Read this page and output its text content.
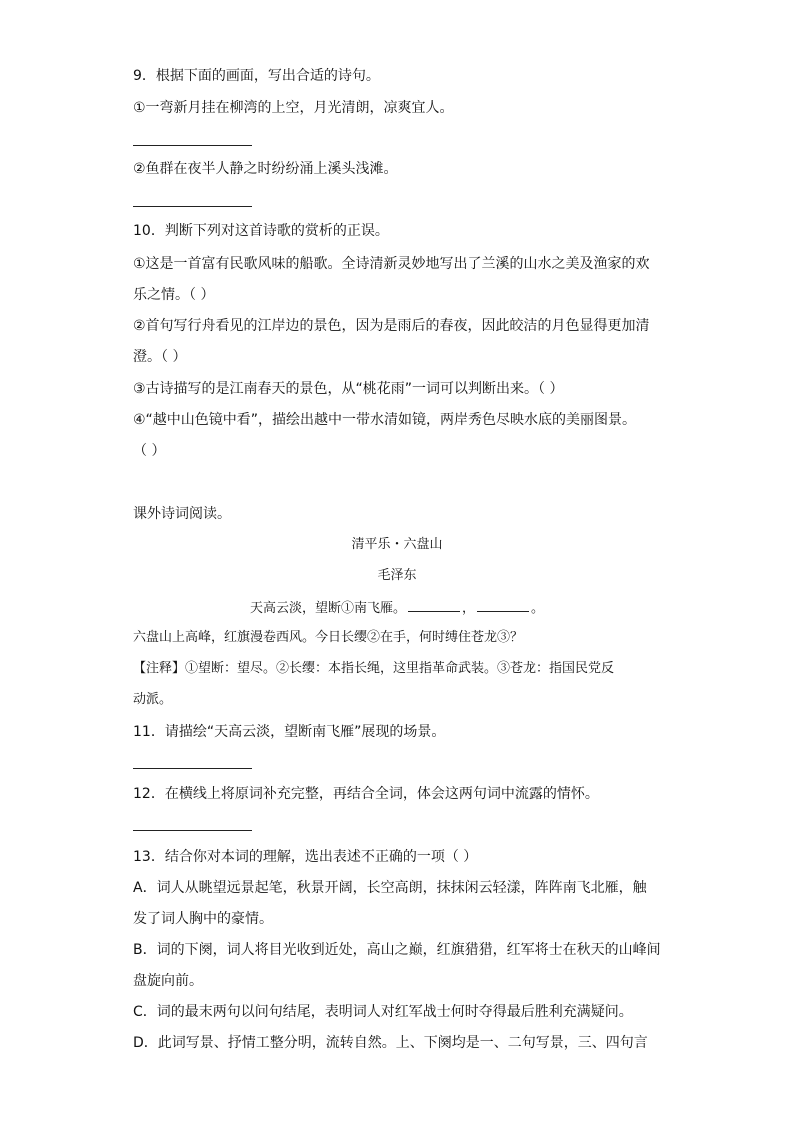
9．根据下面的画面，写出合适的诗句。
①一弯新月挂在柳湾的上空，月光清朗，凉爽宜人。
②鱼群在夜半人静之时纷纷涌上溪头浅滩。
10．判断下列对这首诗歌的赏析的正误。
①这是一首富有民歌风味的船歌。全诗清新灵妙地写出了兰溪的山水之美及渔家的欢
乐之情。（ ）
②首句写行舟看见的江岸边的景色，因为是雨后的春夜，因此皎洁的月色显得更加清
澄。（ ）
③古诗描写的是江南春天的景色，从“桃花雨”一词可以判断出来。（ ）
④“越中山色镜中看”，描绘出越中一带水清如镜，两岸秀色尽映水底的美丽图景。
（ ）
课外诗词阅读。
清平乐・六盘山
毛泽东
天高云淡，望断①南飞雁。	，	。
六盘山上高峰，红旗漫卷西风。今日长缨②在手，何时缚住苍龙③？
【注释】①望断：望尽。②长缨：本指长绳，这里指革命武装。③苍龙：指国民党反
动派。
11．请描绘“天高云淡，望断南飞雁”展现的场景。
12．在横线上将原词补充完整，再结合全词，体会这两句词中流露的情怀。
13．结合你对本词的理解，选出表述不正确的一项（ ）
A．词人从眺望远景起笔，秋景开阔，长空高朗，抹抹闲云轻漾，阵阵南飞北雁，触
发了词人胸中的豪情。
B．词的下阕，词人将目光收到近处，高山之巅，红旗猎猎，红军将士在秋天的山峰间
盘旋向前。
C．词的最末两句以问句结尾，表明词人对红军战士何时夺得最后胜利充满疑问。
D．此词写景、抒情工整分明，流转自然。上、下阕均是一、二句写景，三、四句言
